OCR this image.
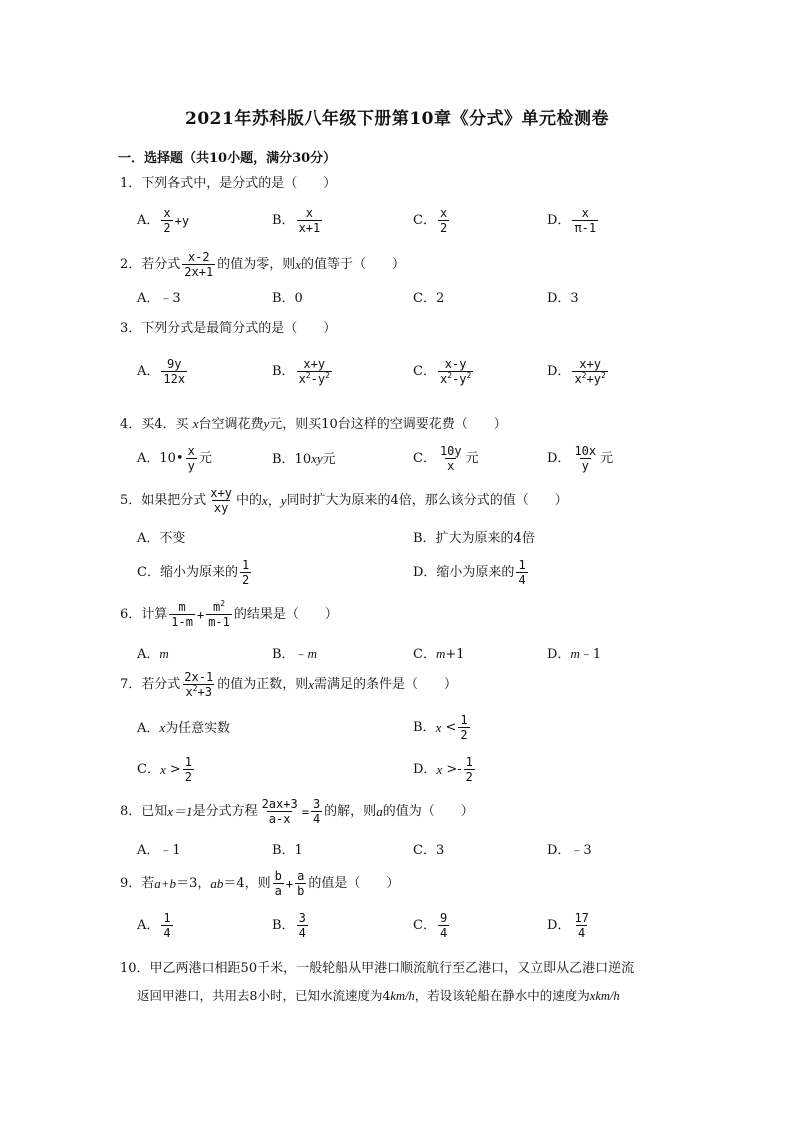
2021年苏科版八年级下册第10章《分式》单元检测卷
一．选择题（共10小题，满分30分）
1．下列各式中，是分式的是（　　）
A． $\frac{x}{2} +y$	B． $\frac{x}{x+1}$	C． $\frac{x}{2}$	D． $\frac{x}{\pi-1}$
2．若分式 $\frac{x-2}{2x+1}$ 的值为零，则 x 的值等于（　　）
A．﹣3	B．0	C．2	D．3
3．下列分式是最简分式的是（　　）
A． $\frac{9y}{12x}$	B． $\frac{x+y}{x^2-y^2}$	C． $\frac{x-y}{x^2-y^2}$	D． $\frac{x+y}{x^2+y^2}$
4．买4．买 x台空调花费y元，则买10台这样的空调要花费（　　）
A．10• $\frac{x}{y}$ 元	B．10xy元	C． $\frac{10y}{x}$ 元	D． $\frac{10x}{y}$ 元
5．如果把分式 $\frac{x+y}{xy}$ 中的 x，y 同时扩大为原来的4倍，那么该分式的值（　　）
A．不变	B．扩大为原来的4倍
C．缩小为原来的 $\frac{1}{2}$	D．缩小为原来的 $\frac{1}{4}$
6．计算 $\frac{m}{1-m} + \frac{m^2}{m-1}$ 的结果是（　　）
A．m	B．﹣m	C．m+1	D．m﹣1
7．若分式 $\frac{2x-1}{x^2+3}$ 的值为正数，则 x 需满足的条件是（　　）
A．x为任意实数	B． x
< $\frac{1}{2}$
C． x
> $\frac{1}{2}$	D． x
>- $\frac{1}{2}$
8．已知 x＝1 是分式方程 $\frac{2ax+3}{a-x} = \frac{3}{4}$ 的解，则 a 的值为（　　）
A．﹣1	B．1	C．3	D．﹣3
9．若 a+b ＝3， ab ＝4，则 $\frac{b}{a} + \frac{a}{b}$ 的值是（　　）
A． $\frac{1}{4}$	B． $\frac{3}{4}$	C． $\frac{9}{4}$	D． $\frac{17}{4}$
10．甲乙两港口相距50千米，一般轮船从甲港口顺流航行至乙港口，又立即从乙港口逆流
返回甲港口，共用去8小时，已知水流速度为4km/h，若设该轮船在静水中的速度为xkm/h
